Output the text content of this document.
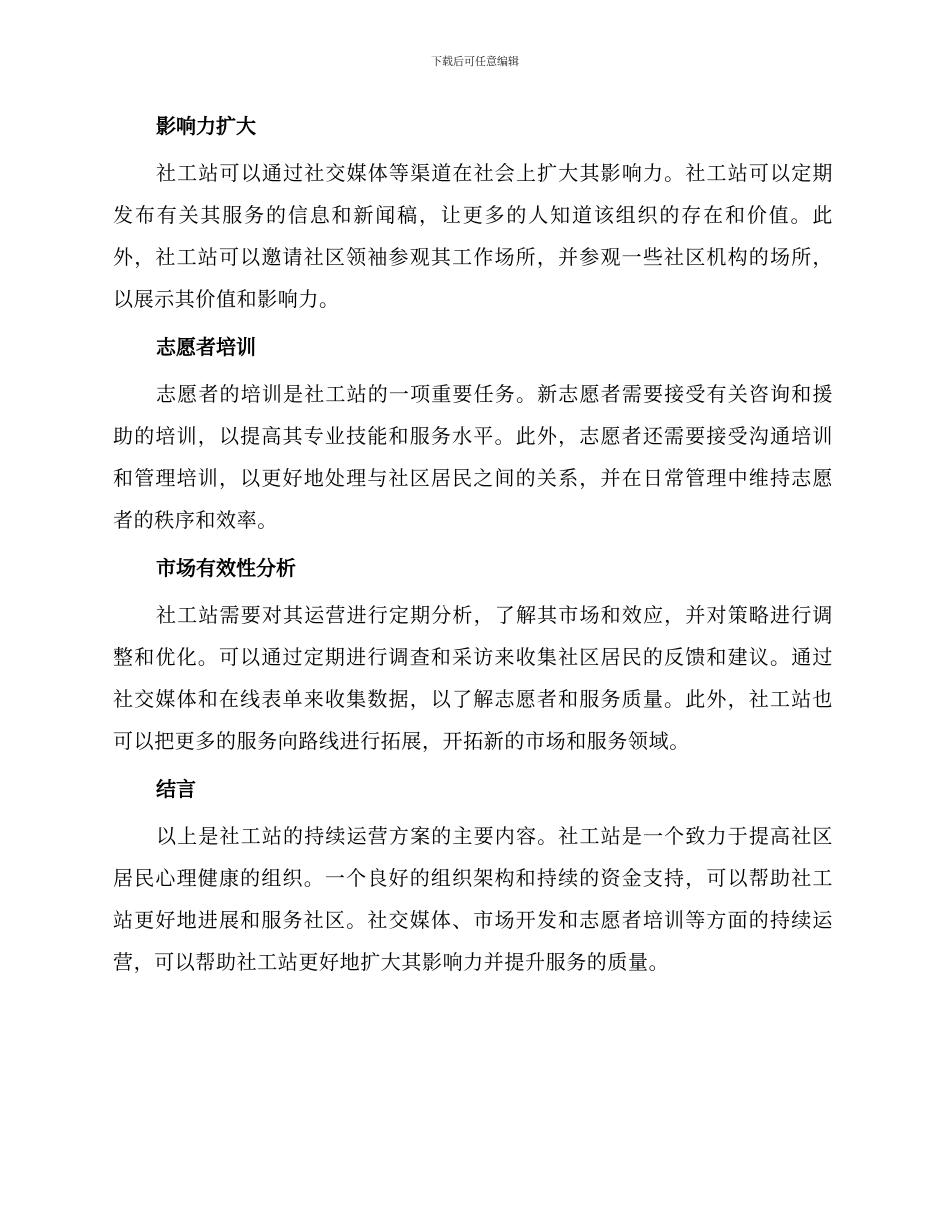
下载后可任意编辑
影响力扩大

社工站可以通过社交媒体等渠道在社会上扩大其影响力。社工站可以定期发布有关其服务的信息和新闻稿，让更多的人知道该组织的存在和价值。此外，社工站可以邀请社区领袖参观其工作场所，并参观一些社区机构的场所，以展示其价值和影响力。

志愿者培训

志愿者的培训是社工站的一项重要任务。新志愿者需要接受有关咨询和援助的培训，以提高其专业技能和服务水平。此外，志愿者还需要接受沟通培训和管理培训，以更好地处理与社区居民之间的关系，并在日常管理中维持志愿者的秩序和效率。

市场有效性分析

社工站需要对其运营进行定期分析，了解其市场和效应，并对策略进行调整和优化。可以通过定期进行调查和采访来收集社区居民的反馈和建议。通过社交媒体和在线表单来收集数据，以了解志愿者和服务质量。此外，社工站也可以把更多的服务向路线进行拓展，开拓新的市场和服务领域。

结言

以上是社工站的持续运营方案的主要内容。社工站是一个致力于提高社区居民心理健康的组织。一个良好的组织架构和持续的资金支持，可以帮助社工站更好地进展和服务社区。社交媒体、市场开发和志愿者培训等方面的持续运营，可以帮助社工站更好地扩大其影响力并提升服务的质量。
